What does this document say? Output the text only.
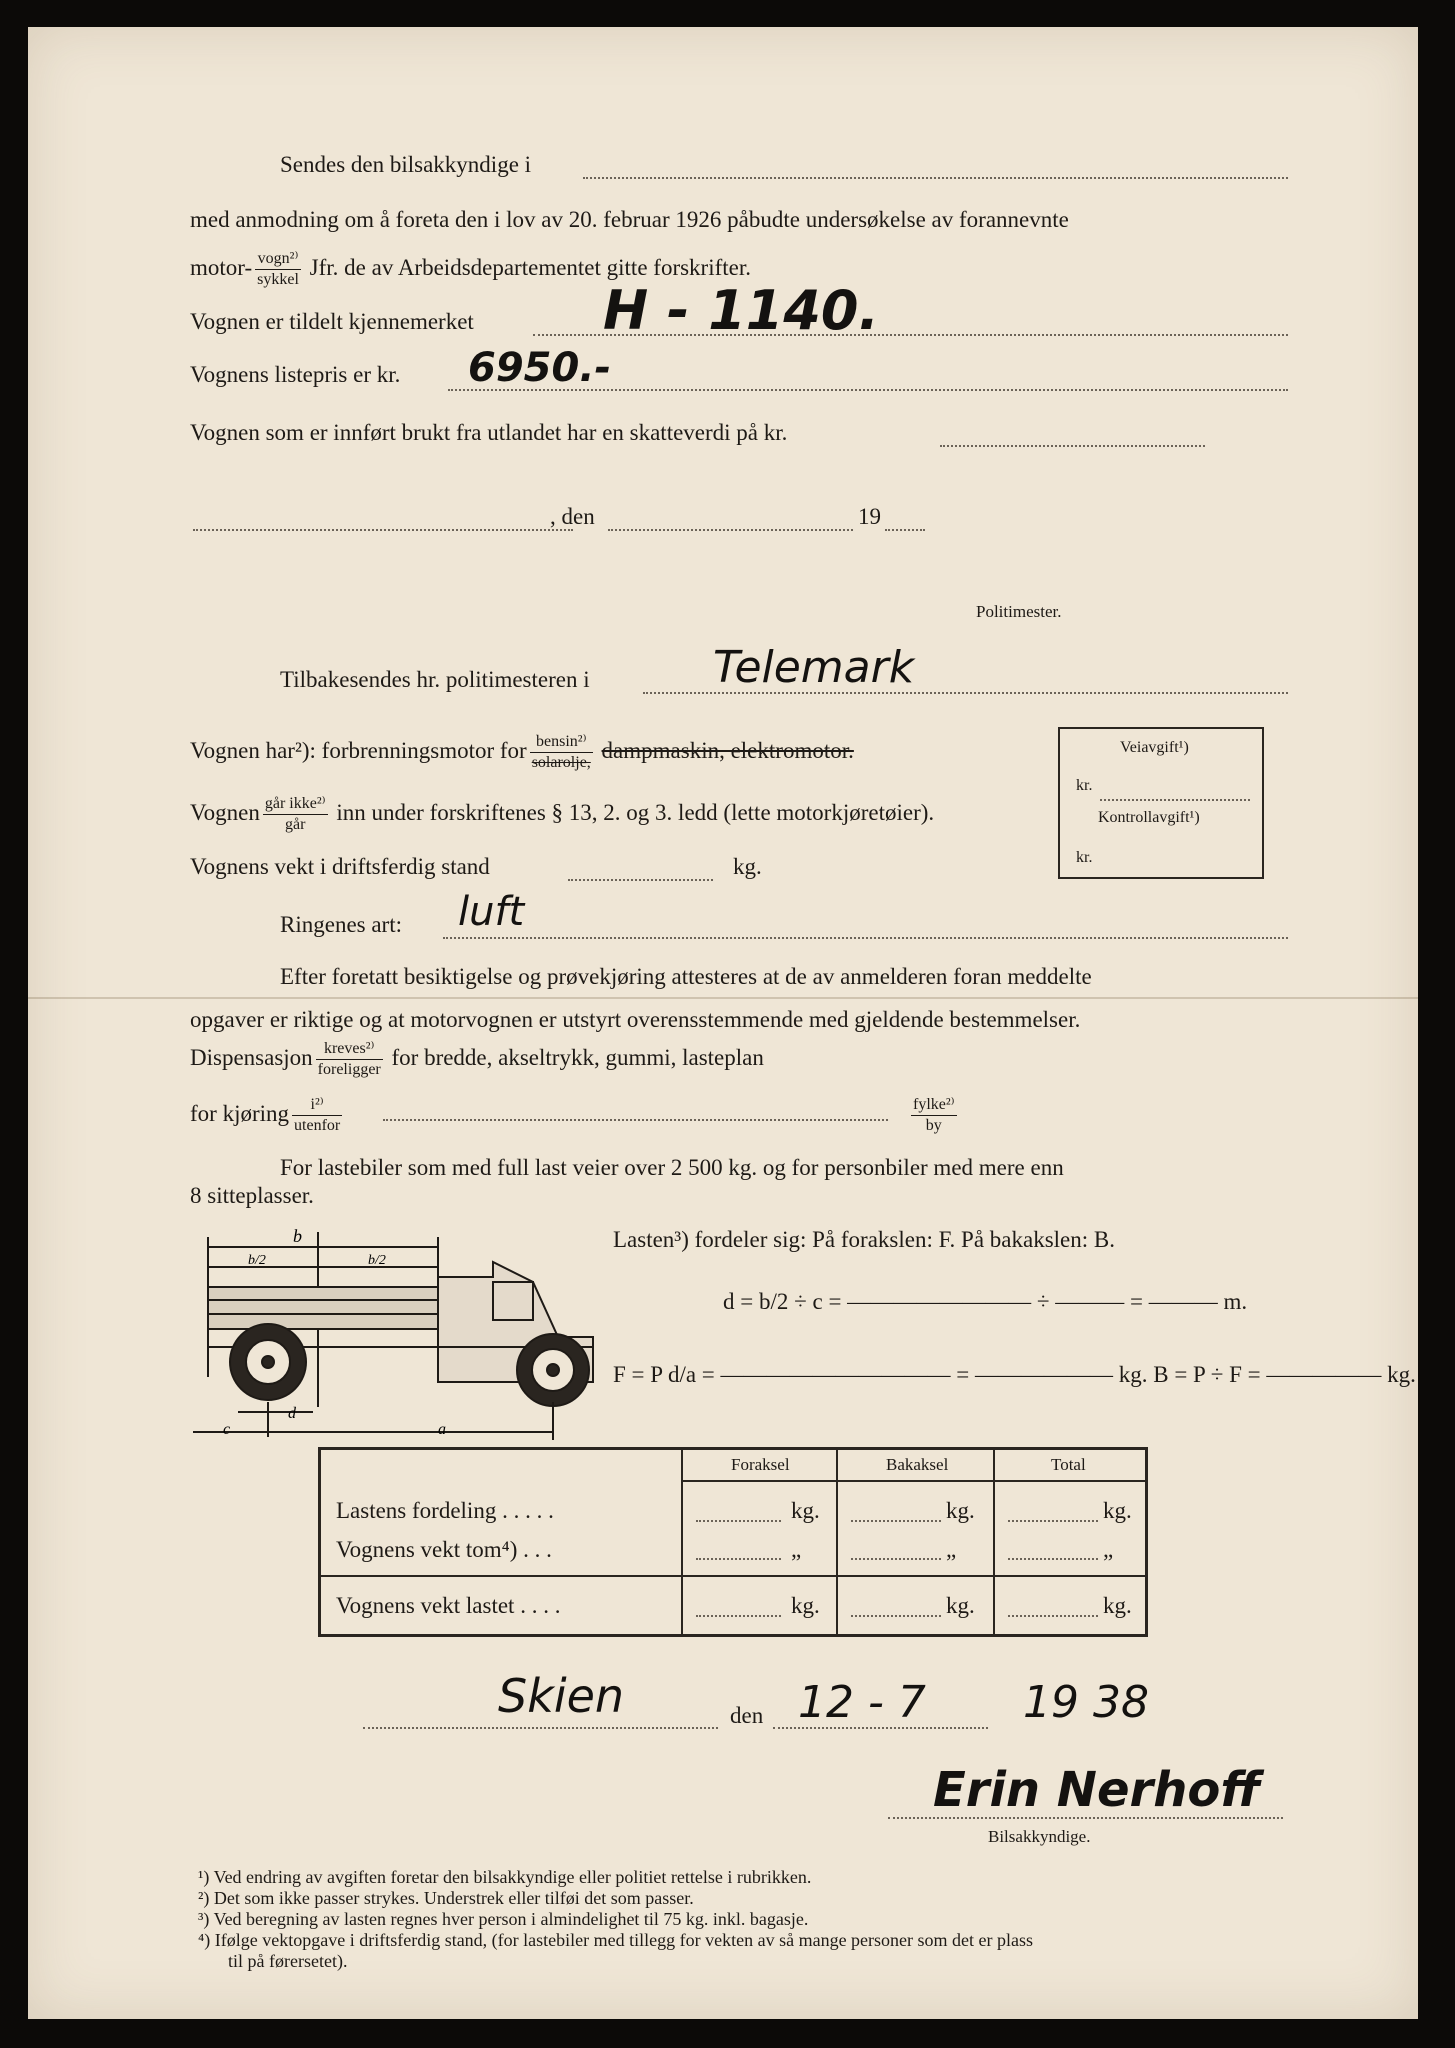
Sendes den bilsakkyndige i
med anmodning om å foreta den i lov av 20. februar 1926 påbudte undersøkelse av forannevnte
motor- $\frac{\text{vogn²⁾}}{\text{sykkel}}$ Jfr. de av Arbeidsdepartementet gitte forskrifter.
Vognen er tildelt kjennemerket H - 1140.
Vognens listepris er kr. 6950.-
Vognen som er innført brukt fra utlandet har en skatteverdi på kr.
, den	19
Politimester.
Tilbakesendes hr. politimesteren i	Telemark
Vognen har²): forbrenningsmotor for $\frac{\text{bensin²⁾}}{\text{solarolje,}}$ dampmaskin, elektromotor.
Vognen $\frac{\text{går ikke²⁾}}{\text{går}}$ inn under forskriftenes § 13, 2. og 3. ledd (lette motorkjøretøier).
Veiavgift¹)
kr.
Kontrollavgift¹)
kr.
Vognens vekt i driftsferdig stand	kg.
Ringenes art: luft
Efter foretatt besiktigelse og prøvekjøring attesteres at de av anmelderen foran meddelte
opgaver er riktige og at motorvognen er utstyrt overensstemmende med gjeldende bestemmelser.
Dispensasjon $\frac{\text{kreves²⁾}}{\text{foreligger}}$ for bredde, akseltrykk, gummi, lasteplan
for kjøring $\frac{\text{i²⁾}}{\text{utenfor}}$	$\frac{\text{fylke²⁾}}{by}$
For lastebiler som med full last veier over 2 500 kg. og for personbiler med mere enn
8 sitteplasser.
b
b/2	b/2
c
d
a
Lasten³) fordeler sig: På forakslen: F. På bakakslen: B.
d = b/2 ÷ c = ———————— ÷ ——— = ——— m.
F = P d/a = —————————— = —————— kg. B = P ÷ F = ————— kg.
Foraksel	Bakaksel	Total
Lastens fordeling . . . . .	kg.	kg.	kg.
Vognens vekt tom⁴) . . .	„	„	„
Vognens vekt lastet . . . .	kg.	kg.	kg.
Skien	den 12 - 7 19 38
Erin Nerhoff
Bilsakkyndige.
¹) Ved endring av avgiften foretar den bilsakkyndige eller politiet rettelse i rubrikken.
²) Det som ikke passer strykes. Understrek eller tilføi det som passer.
³) Ved beregning av lasten regnes hver person i almindelighet til 75 kg. inkl. bagasje.
⁴) Ifølge vektopgave i driftsferdig stand, (for lastebiler med tillegg for vekten av så mange personer som det er plass
til på førersetet).
